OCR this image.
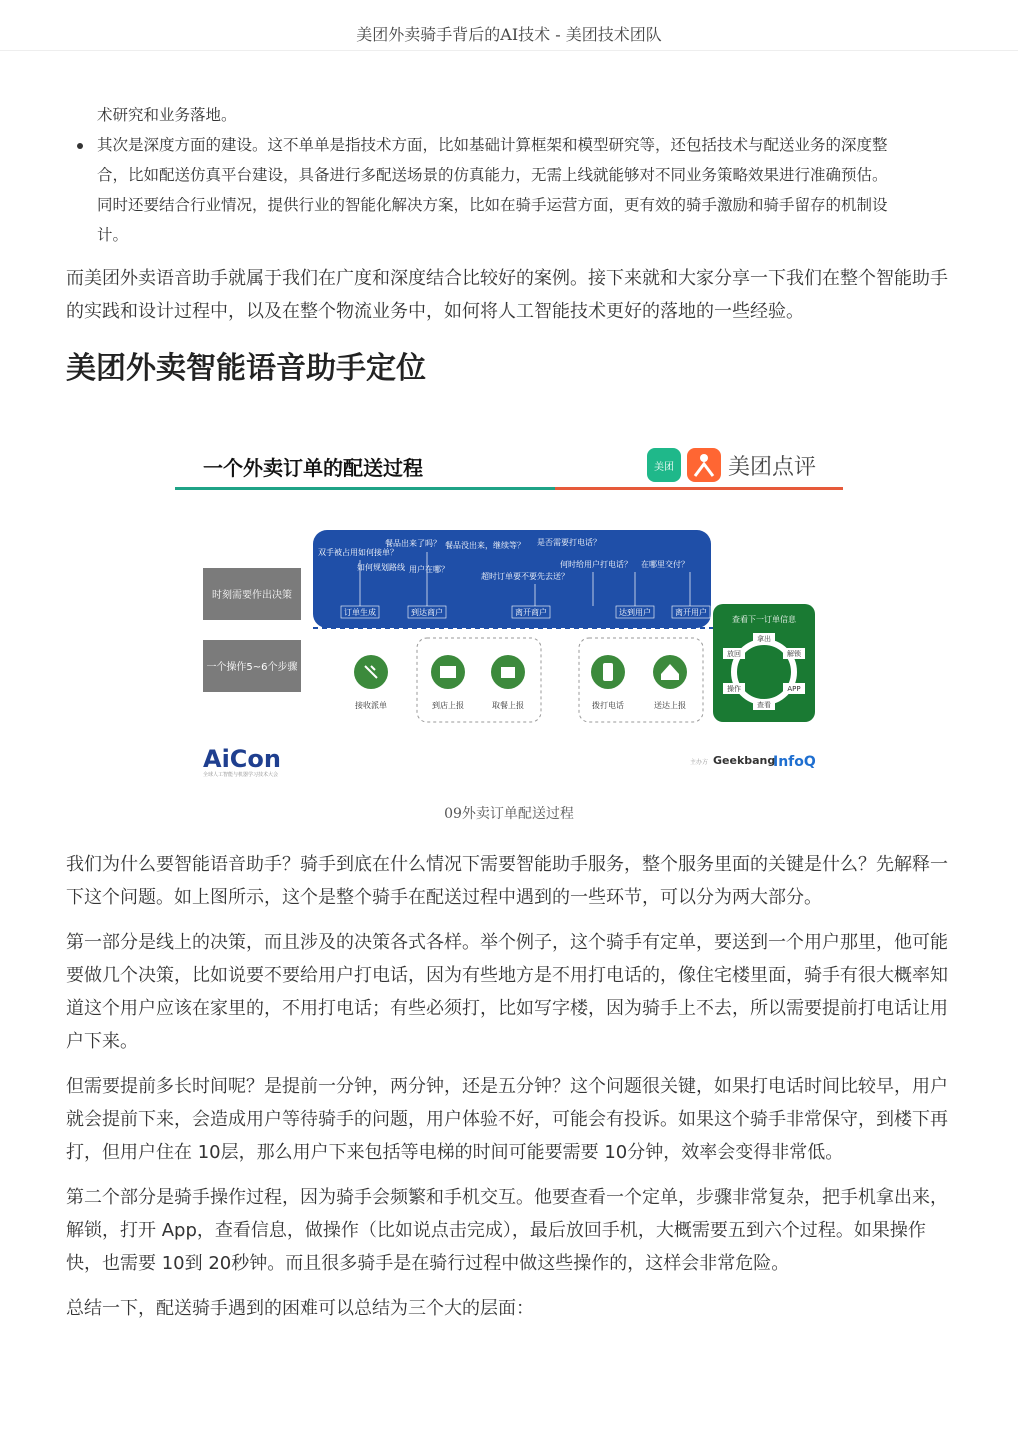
美团外卖骑手背后的AI技术 - 美团技术团队
术研究和业务落地。
其次是深度方面的建设。这不单单是指技术方面，比如基础计算框架和模型研究等，还包括技术与配送业务的深度整
合，比如配送仿真平台建设，具备进行多配送场景的仿真能力，无需上线就能够对不同业务策略效果进行准确预估。
同时还要结合行业情况，提供行业的智能化解决方案，比如在骑手运营方面，更有效的骑手激励和骑手留存的机制设
计。

而美团外卖语音助手就属于我们在广度和深度结合比较好的案例。接下来就和大家分享一下我们在整个智能助手的实践和设计过程中，以及在整个物流业务中，如何将人工智能技术更好的落地的一些经验。

美团外卖智能语音助手定位
一个外卖订单的配送过程	美团 美团点评
时刻需要作出决策
一个操作5~6个步骤
双手被占用如何接单？
餐品出来了吗？ 餐品没出来，继续等？ 是否需要打电话？
如何规划路线 用户在哪？
何时给用户打电话？ 在哪里交付？
超时订单要不要先去送？
订单生成	到达商户	离开商户	达到用户	离开用户
接收派单	到店上报	取餐上报	拨打电话	送达上报
查看下一订单信息
拿出
解锁
APP
查看
操作
放回
AiCon
全球人工智能与机器学习技术大会
主办方 Geekbang
InfoQ
09外卖订单配送过程

我们为什么要智能语音助手？骑手到底在什么情况下需要智能助手服务，整个服务里面的关键是什么？先解释一下这个问题。如上图所示，这个是整个骑手在配送过程中遇到的一些环节，可以分为两大部分。

第一部分是线上的决策，而且涉及的决策各式各样。举个例子，这个骑手有定单，要送到一个用户那里，他可能要做几个决策，比如说要不要给用户打电话，因为有些地方是不用打电话的，像住宅楼里面，骑手有很大概率知道这个用户应该在家里的，不用打电话；有些必须打，比如写字楼，因为骑手上不去，所以需要提前打电话让用户下来。

但需要提前多长时间呢？是提前一分钟，两分钟，还是五分钟？这个问题很关键，如果打电话时间比较早，用户就会提前下来，会造成用户等待骑手的问题，用户体验不好，可能会有投诉。如果这个骑手非常保守，到楼下再打，但用户住在 10层，那么用户下来包括等电梯的时间可能要需要 10分钟，效率会变得非常低。

第二个部分是骑手操作过程，因为骑手会频繁和手机交互。他要查看一个定单，步骤非常复杂，把手机拿出来，解锁，打开 App，查看信息，做操作（比如说点击完成），最后放回手机，大概需要五到六个过程。如果操作快，也需要 10到 20秒钟。而且很多骑手是在骑行过程中做这些操作的，这样会非常危险。

总结一下，配送骑手遇到的困难可以总结为三个大的层面：
